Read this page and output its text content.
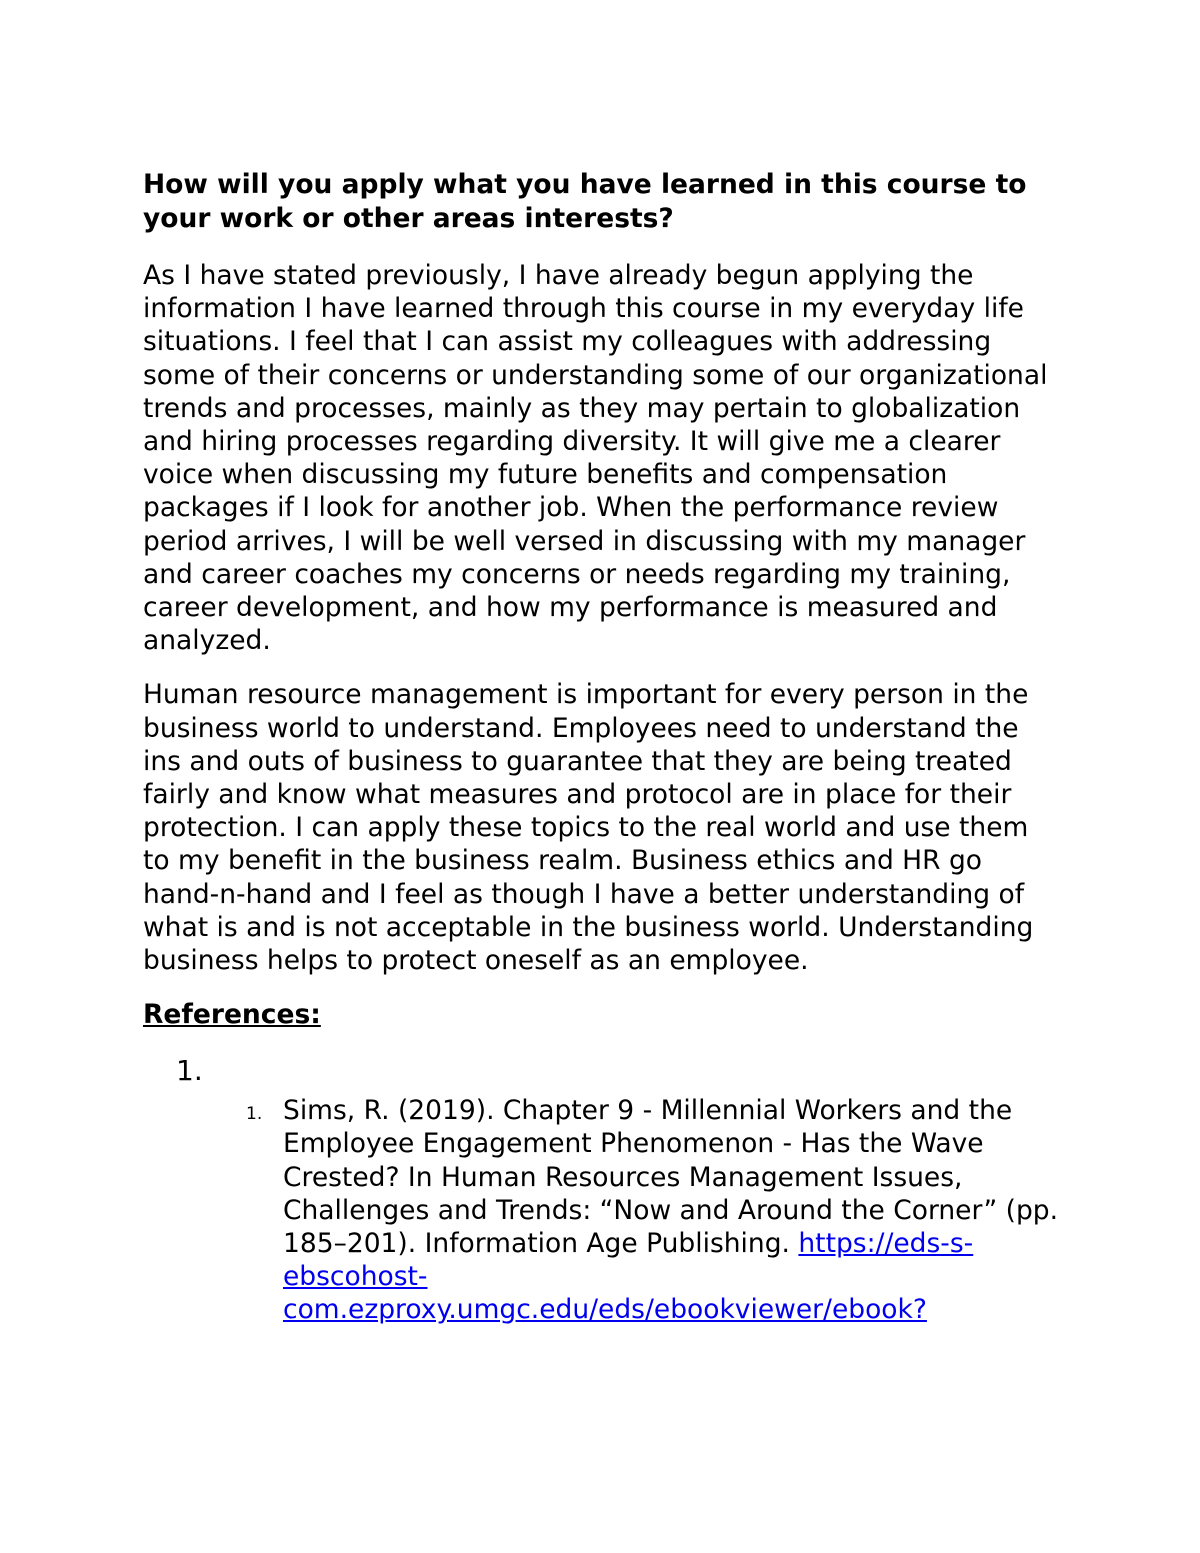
How will you apply what you have learned in this course to your work or other areas interests?

As I have stated previously, I have already begun applying the information I have learned through this course in my everyday life situations. I feel that I can assist my colleagues with addressing some of their concerns or understanding some of our organizational trends and processes, mainly as they may pertain to globalization and hiring processes regarding diversity. It will give me a clearer voice when discussing my future benefits and compensation packages if I look for another job. When the performance review period arrives, I will be well versed in discussing with my manager and career coaches my concerns or needs regarding my training, career development, and how my performance is measured and analyzed.

Human resource management is important for every person in the business world to understand. Employees need to understand the ins and outs of business to guarantee that they are being treated fairly and know what measures and protocol are in place for their protection. I can apply these topics to the real world and use them to my benefit in the business realm. Business ethics and HR go hand-n-hand and I feel as though I have a better understanding of what is and is not acceptable in the business world. Understanding business helps to protect oneself as an employee.

References:
1.
1. Sims, R. (2019). Chapter 9 - Millennial Workers and the Employee Engagement Phenomenon - Has the Wave Crested? In Human Resources Management Issues, Challenges and Trends: “Now and Around the Corner” (pp. 185–201). Information Age Publishing. https://eds-s-ebscohost-com.ezproxy.umgc.edu/eds/ebookviewer/ebook?
